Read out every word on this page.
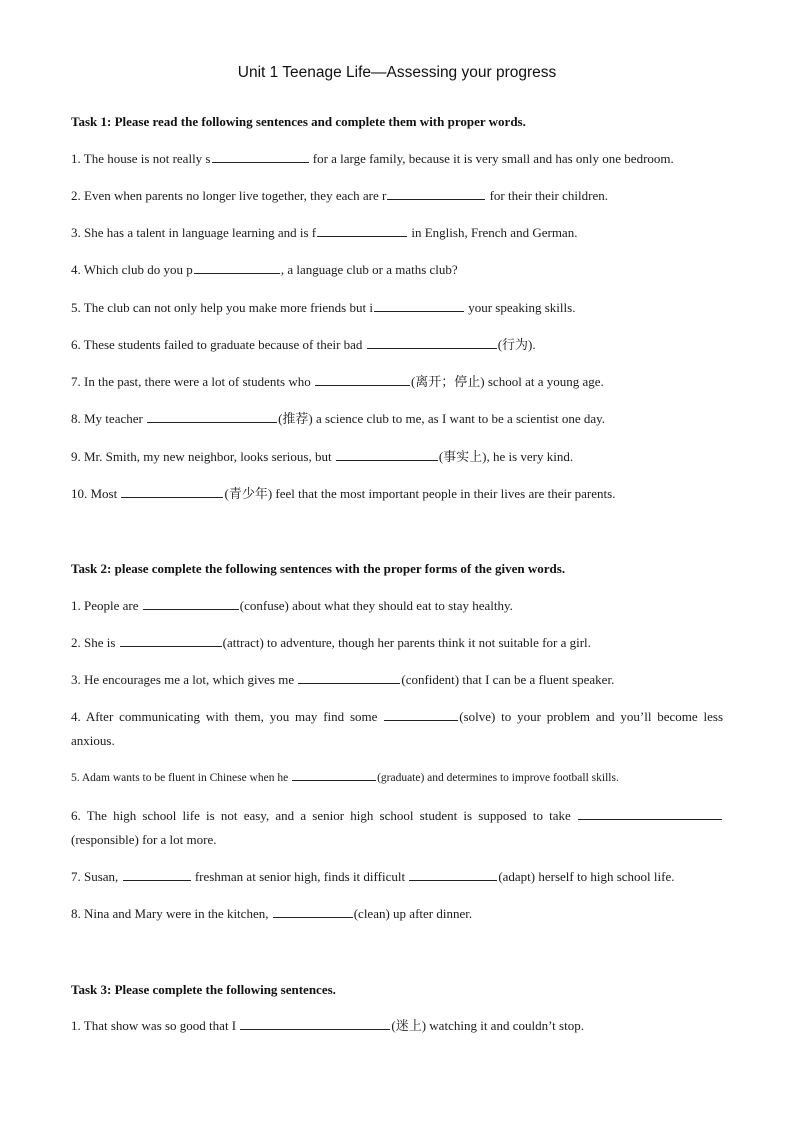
Unit 1 Teenage Life—Assessing your progress
Task 1: Please read the following sentences and complete them with proper words.
1. The house is not really s	for a large family, because it is very small and has only one bedroom.
2. Even when parents no longer live together, they each are r	for their their children.
3. She has a talent in language learning and is f	in English, French and German.
4. Which club do you p	, a language club or a maths club?
5. The club can not only help you make more friends but i	your speaking skills.
6. These students failed to graduate because of their bad	(行为).
7. In the past, there were a lot of students who	(离开；停止) school at a young age.
8. My teacher	(推荐) a science club to me, as I want to be a scientist one day.
9. Mr. Smith, my new neighbor, looks serious, but	(事实上), he is very kind.
10. Most	(青少年) feel that the most important people in their lives are their parents.
Task 2: please complete the following sentences with the proper forms of the given words.
1. People are	(confuse) about what they should eat to stay healthy.
2. She is	(attract) to adventure, though her parents think it not suitable for a girl.
3. He encourages me a lot, which gives me	(confident) that I can be a fluent speaker.
4. After communicating with them, you may find some	(solve) to your problem and you’ll become less anxious.
5. Adam wants to be fluent in Chinese when he	(graduate) and determines to improve football skills.
6. The high school life is not easy, and a senior high school student is supposed to take (responsible) for a lot more.
7. Susan,	freshman at senior high, finds it difficult	(adapt) herself to high school life.
8. Nina and Mary were in the kitchen,	(clean) up after dinner.
Task 3: Please complete the following sentences.
1. That show was so good that I	(迷上) watching it and couldn’t stop.
